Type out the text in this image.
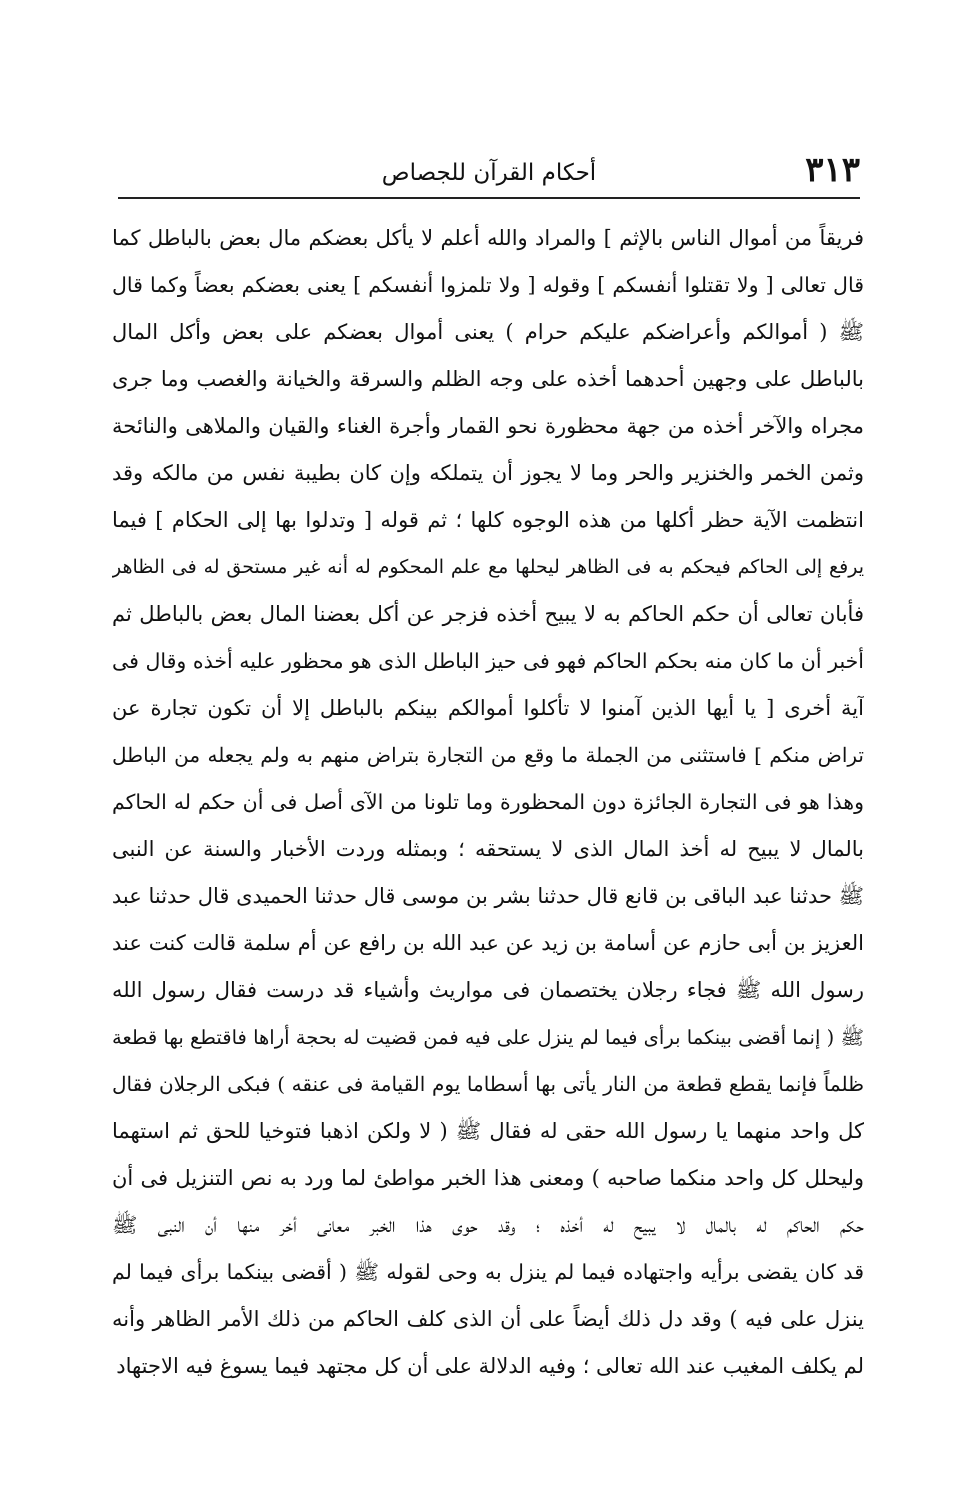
٣١٣
أحكام القرآن للجصاص
فريقاً من أموال الناس بالإثم ] والمراد والله أعلم لا يأكل بعضكم مال بعض بالباطل كما
قال تعالى [ ولا تقتلوا أنفسكم ] وقوله [ ولا تلمزوا أنفسكم ] يعنى بعضكم بعضاً وكما قال
ﷺ ( أموالكم وأعراضكم عليكم حرام ) يعنى أموال بعضكم على بعض وأكل المال
بالباطل على وجهين أحدهما أخذه على وجه الظلم والسرقة والخيانة والغصب وما جرى
مجراه والآخر أخذه من جهة محظورة نحو القمار وأجرة الغناء والقيان والملاهى والنائحة
وثمن الخمر والخنزير والحر وما لا يجوز أن يتملكه وإن كان بطيبة نفس من مالكه وقد
انتظمت الآية حظر أكلها من هذه الوجوه كلها ؛ ثم قوله [ وتدلوا بها إلى الحكام ] فيما
يرفع إلى الحاكم فيحكم به فى الظاهر ليحلها مع علم المحكوم له أنه غير مستحق له فى الظاهر
فأبان تعالى أن حكم الحاكم به لا يبيح أخذه فزجر عن أكل بعضنا المال بعض بالباطل ثم
أخبر أن ما كان منه بحكم الحاكم فهو فى حيز الباطل الذى هو محظور عليه أخذه وقال فى
آية أخرى [ يا أيها الذين آمنوا لا تأكلوا أموالكم بينكم بالباطل إلا أن تكون تجارة عن
تراض منكم ] فاستثنى من الجملة ما وقع من التجارة بتراض منهم به ولم يجعله من الباطل
وهذا هو فى التجارة الجائزة دون المحظورة وما تلونا من الآى أصل فى أن حكم له الحاكم
بالمال لا يبيح له أخذ المال الذى لا يستحقه ؛ وبمثله وردت الأخبار والسنة عن النبى
ﷺ حدثنا عبد الباقى بن قانع قال حدثنا بشر بن موسى قال حدثنا الحميدى قال حدثنا عبد
العزيز بن أبى حازم عن أسامة بن زيد عن عبد الله بن رافع عن أم سلمة قالت كنت عند
رسول الله ﷺ فجاء رجلان يختصمان فى مواريث وأشياء قد درست فقال رسول الله
ﷺ ( إنما أقضى بينكما برأى فيما لم ينزل على فيه فمن قضيت له بحجة أراها فاقتطع بها قطعة
ظلماً فإنما يقطع قطعة من النار يأتى بها أسطاما يوم القيامة فى عنقه ) فبكى الرجلان فقال
كل واحد منهما يا رسول الله حقى له فقال ﷺ ( لا ولكن اذهبا فتوخيا للحق ثم استهما
وليحلل كل واحد منكما صاحبه ) ومعنى هذا الخبر مواطئ لما ورد به نص التنزيل فى أن
حكم الحاكم له بالمال لا يبيح له أخذه ؛ وقد حوى هذا الخبر معانى أخر منها أن النبى ﷺ
قد كان يقضى برأيه واجتهاده فيما لم ينزل به وحى لقوله ﷺ ( أقضى بينكما برأى فيما لم
ينزل على فيه ) وقد دل ذلك أيضاً على أن الذى كلف الحاكم من ذلك الأمر الظاهر وأنه
لم يكلف المغيب عند الله تعالى ؛ وفيه الدلالة على أن كل مجتهد فيما يسوغ فيه الاجتهاد
